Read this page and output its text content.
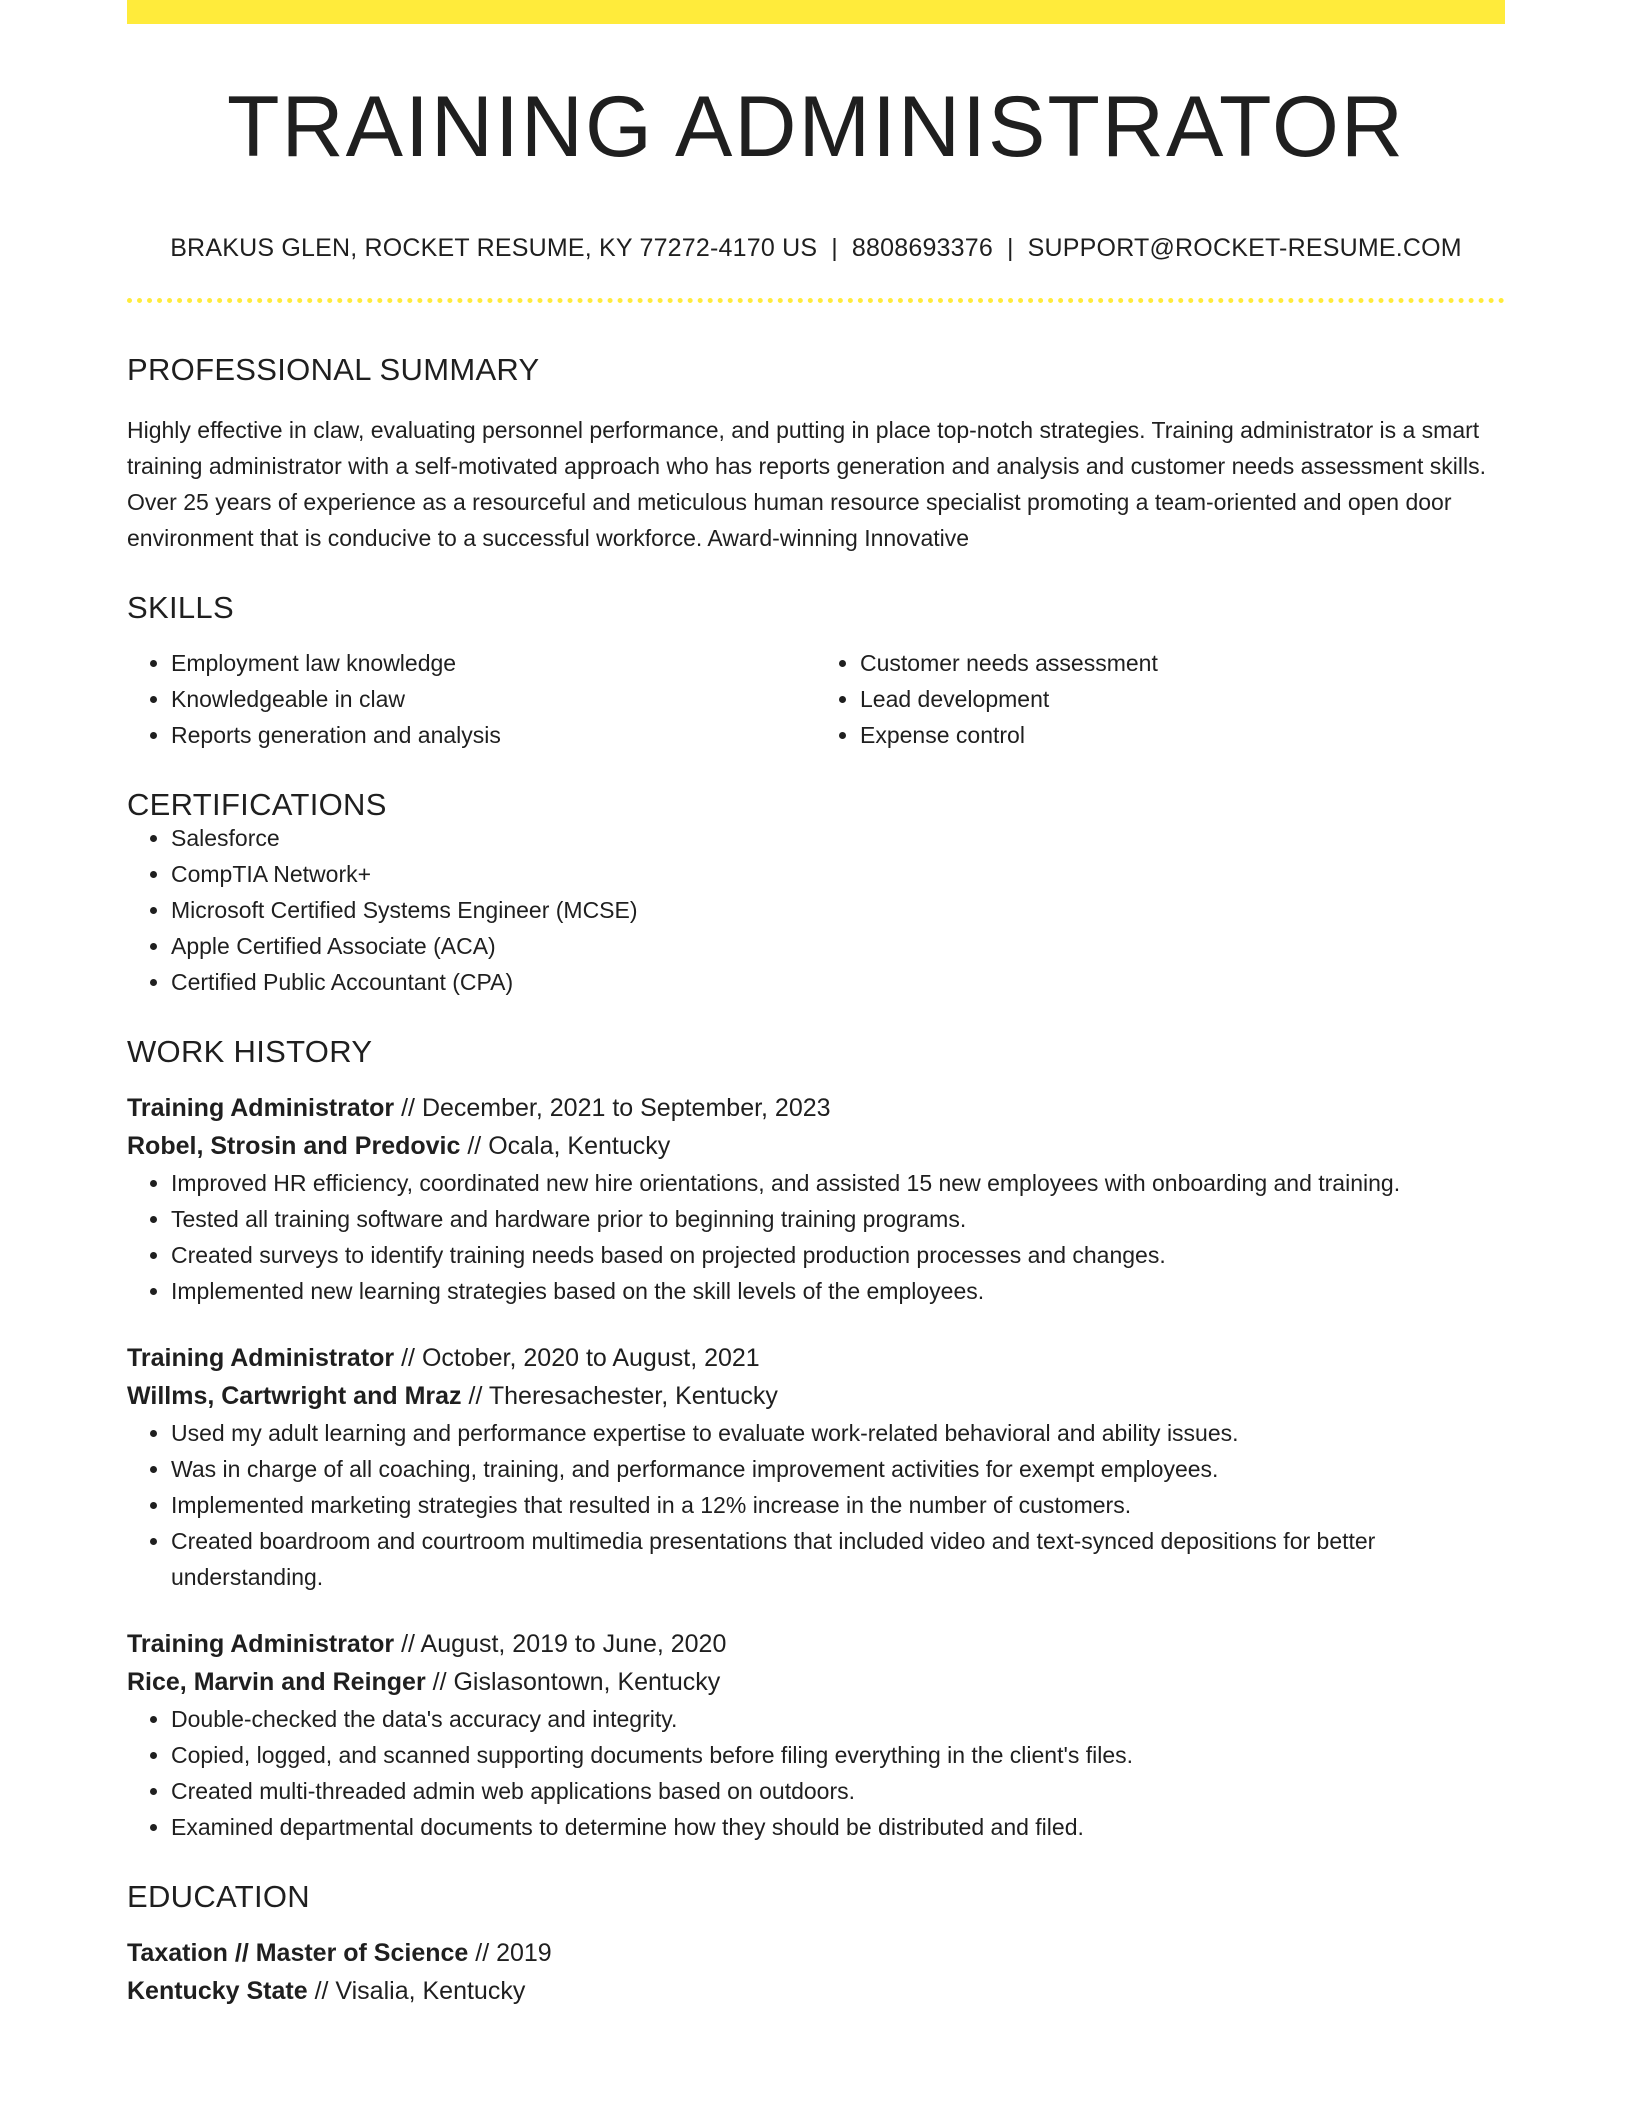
TRAINING ADMINISTRATOR
BRAKUS GLEN, ROCKET RESUME, KY 77272-4170 US | 8808693376 | SUPPORT@ROCKET-RESUME.COM
PROFESSIONAL SUMMARY

Highly effective in claw, evaluating personnel performance, and putting in place top-notch strategies. Training administrator is a smart training administrator with a self-motivated approach who has reports generation and analysis and customer needs assessment skills. Over 25 years of experience as a resourceful and meticulous human resource specialist promoting a team-oriented and open door environment that is conducive to a successful workforce. Award-winning Innovative

SKILLS
• Employment law knowledge
• Knowledgeable in claw
• Reports generation and analysis
• Customer needs assessment
• Lead development
• Expense control
CERTIFICATIONS
• Salesforce
• CompTIA Network+
• Microsoft Certified Systems Engineer (MCSE)
• Apple Certified Associate (ACA)
• Certified Public Accountant (CPA)
WORK HISTORY

Training Administrator // December, 2021 to September, 2023

Robel, Strosin and Predovic // Ocala, Kentucky

• Improved HR efficiency, coordinated new hire orientations, and assisted 15 new employees with onboarding and training.
• Tested all training software and hardware prior to beginning training programs.
• Created surveys to identify training needs based on projected production processes and changes.
• Implemented new learning strategies based on the skill levels of the employees.

Training Administrator // October, 2020 to August, 2021

Willms, Cartwright and Mraz // Theresachester, Kentucky

• Used my adult learning and performance expertise to evaluate work-related behavioral and ability issues.
• Was in charge of all coaching, training, and performance improvement activities for exempt employees.
• Implemented marketing strategies that resulted in a 12% increase in the number of customers.
• Created boardroom and courtroom multimedia presentations that included video and text-synced depositions for better understanding.

Training Administrator // August, 2019 to June, 2020

Rice, Marvin and Reinger // Gislasontown, Kentucky

• Double-checked the data's accuracy and integrity.
• Copied, logged, and scanned supporting documents before filing everything in the client's files.
• Created multi-threaded admin web applications based on outdoors.
• Examined departmental documents to determine how they should be distributed and filed.
EDUCATION

Taxation // Master of Science // 2019

Kentucky State // Visalia, Kentucky
